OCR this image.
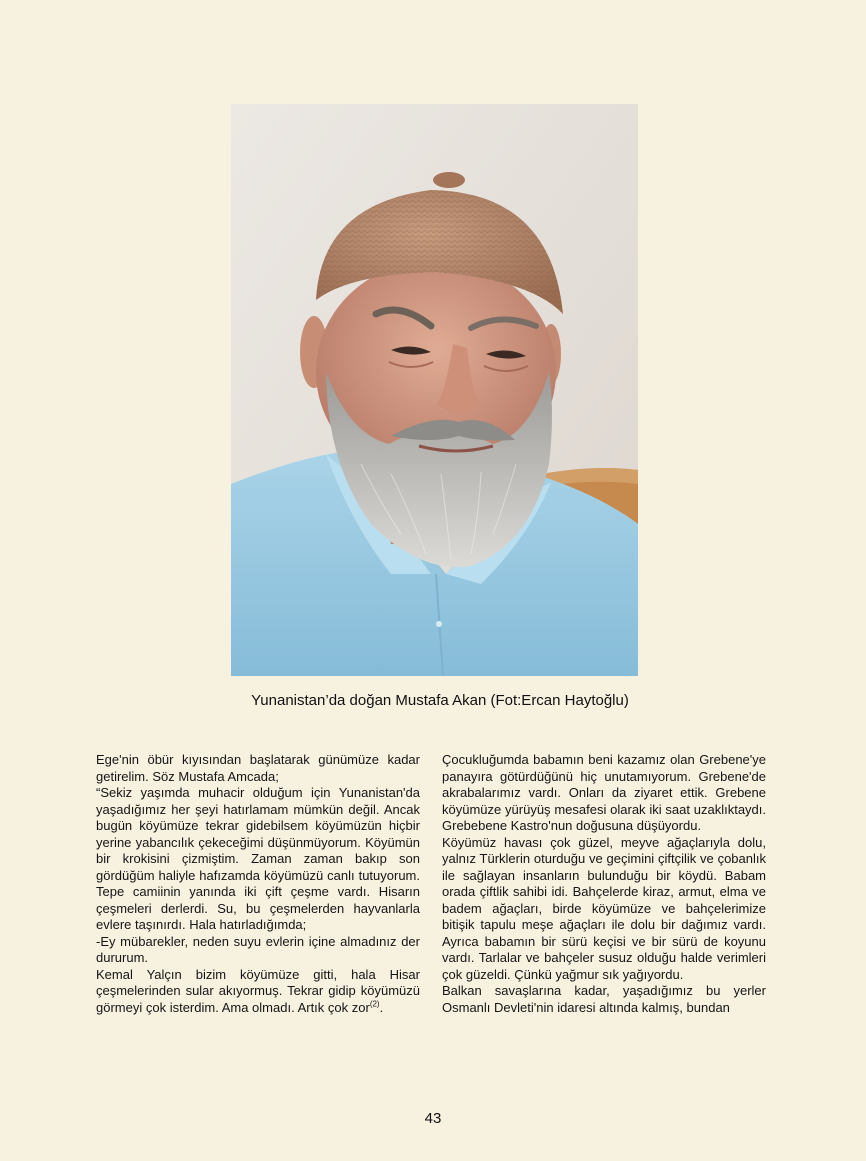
Yunanistan’da doğan Mustafa Akan (Fot:Ercan Haytoğlu)

Ege'nin öbür kıyısından başlatarak günümüze kadar getirelim. Söz Mustafa Amcada;

“Sekiz yaşımda muhacir olduğum için Yunanistan'da yaşadığımız her şeyi hatırlamam mümkün değil. Ancak bugün köyümüze tekrar gidebilsem köyümüzün hiçbir yerine yabancılık çekeceğimi düşünmüyorum. Köyümün bir krokisini çizmiştim. Zaman zaman bakıp son gördüğüm haliyle hafızamda köyümüzü canlı tutuyorum. Tepe camiinin yanında iki çift çeşme vardı. Hisarın çeşmeleri derlerdi. Su, bu çeşmelerden hayvanlarla evlere taşınırdı. Hala hatırladığımda;

-Ey mübarekler, neden suyu evlerin içine almadınız der dururum.

Kemal Yalçın bizim köyümüze gitti, hala Hisar çeşmelerinden sular akıyormuş. Tekrar gidip köyümüzü görmeyi çok isterdim. Ama olmadı. Artık çok zor$^{(2)}$.

Çocukluğumda babamın beni kazamız olan Grebene'ye panayıra götürdüğünü hiç unutamıyorum. Grebene'de akrabalarımız vardı. Onları da ziyaret ettik. Grebene köyümüze yürüyüş mesafesi olarak iki saat uzaklıktaydı. Grebebene Kastro'nun doğusuna düşüyordu.

Köyümüz havası çok güzel, meyve ağaçlarıyla dolu, yalnız Türklerin oturduğu ve geçimini çiftçilik ve çobanlık ile sağlayan insanların bulunduğu bir köydü. Babam orada çiftlik sahibi idi. Bahçelerde kiraz, armut, elma ve badem ağaçları, birde köyümüze ve bahçelerimize bitişik tapulu meşe ağaçları ile dolu bir dağımız vardı. Ayrıca babamın bir sürü keçisi ve bir sürü de koyunu vardı. Tarlalar ve bahçeler susuz olduğu halde verimleri çok güzeldi. Çünkü yağmur sık yağıyordu.

Balkan savaşlarına kadar, yaşadığımız bu yerler Osmanlı Devleti'nin idaresi altında kalmış, bundan

43
